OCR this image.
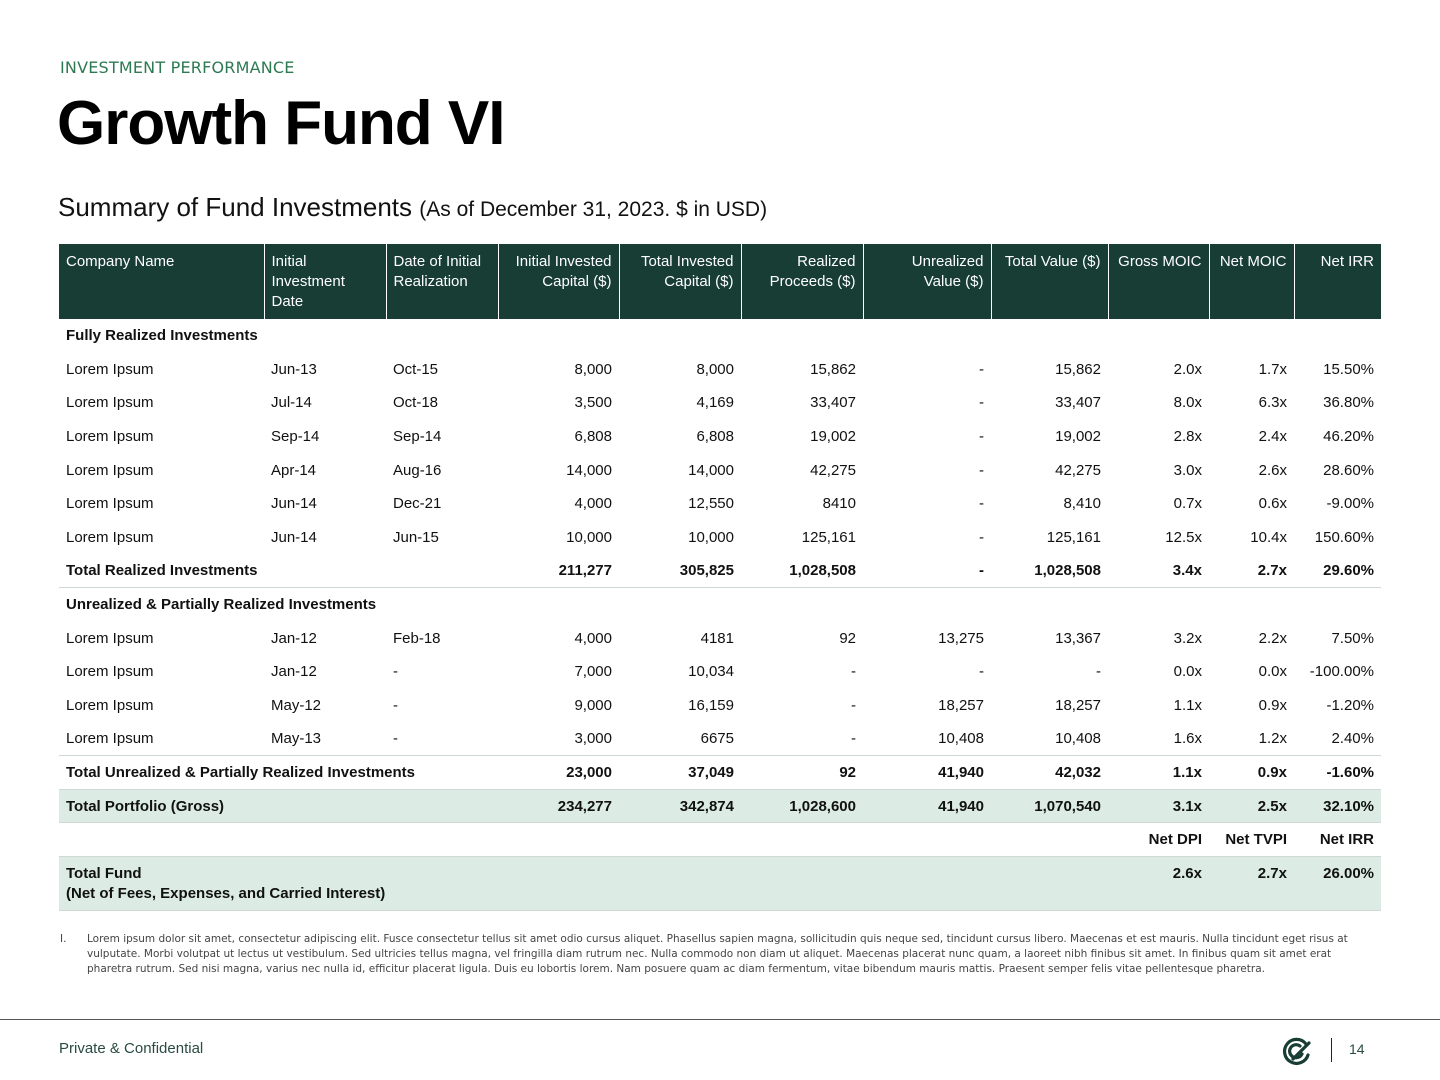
INVESTMENT PERFORMANCE
Growth Fund VI
Summary of Fund Investments (As of December 31, 2023. $ in USD)
Company Name	Initial Investment Date	Date of Initial Realization	Initial Invested Capital ($)	Total Invested Capital ($)	Realized Proceeds ($)	Unrealized Value ($)	Total Value ($)	Gross MOIC	Net MOIC	Net IRR
Fully Realized Investments										
Lorem Ipsum	Jun-13	Oct-15	8,000	8,000	15,862	-	15,862	2.0x	1.7x	15.50%
Lorem Ipsum	Jul-14	Oct-18	3,500	4,169	33,407	-	33,407	8.0x	6.3x	36.80%
Lorem Ipsum	Sep-14	Sep-14	6,808	6,808	19,002	-	19,002	2.8x	2.4x	46.20%
Lorem Ipsum	Apr-14	Aug-16	14,000	14,000	42,275	-	42,275	3.0x	2.6x	28.60%
Lorem Ipsum	Jun-14	Dec-21	4,000	12,550	8410	-	8,410	0.7x	0.6x	-9.00%
Lorem Ipsum	Jun-14	Jun-15	10,000	10,000	125,161	-	125,161	12.5x	10.4x	150.60%
Total Realized Investments			211,277	305,825	1,028,508	-	1,028,508	3.4x	2.7x	29.60%
Unrealized & Partially Realized Investments										
Lorem Ipsum	Jan-12	Feb-18	4,000	4181	92	13,275	13,367	3.2x	2.2x	7.50%
Lorem Ipsum	Jan-12	-	7,000	10,034	-	-	-	0.0x	0.0x	-100.00%
Lorem Ipsum	May-12	-	9,000	16,159	-	18,257	18,257	1.1x	0.9x	-1.20%
Lorem Ipsum	May-13	-	3,000	6675	-	10,408	10,408	1.6x	1.2x	2.40%
Total Unrealized & Partially Realized Investments			23,000	37,049	92	41,940	42,032	1.1x	0.9x	-1.60%
Total Portfolio (Gross)			234,277	342,874	1,028,600	41,940	1,070,540	3.1x	2.5x	32.10%
								Net DPI	Net TVPI	Net IRR

Total Fund
(Net of Fees, Expenses, and Carried Interest)								2.6x	2.7x	26.00%
I. Lorem ipsum dolor sit amet, consectetur adipiscing elit. Fusce consectetur tellus sit amet odio cursus aliquet. Phasellus sapien magna, sollicitudin quis neque sed, tincidunt cursus libero. Maecenas et est mauris. Nulla tincidunt eget risus at vulputate. Morbi volutpat ut lectus ut vestibulum. Sed ultricies tellus magna, vel fringilla diam rutrum nec. Nulla commodo non diam ut aliquet. Maecenas placerat nunc quam, a laoreet nibh finibus sit amet. In finibus quam sit amet erat pharetra rutrum. Sed nisi magna, varius nec nulla id, efficitur placerat ligula. Duis eu lobortis lorem. Nam posuere quam ac diam fermentum, vitae bibendum mauris mattis. Praesent semper felis vitae pellentesque pharetra.
Private & Confidential	14
